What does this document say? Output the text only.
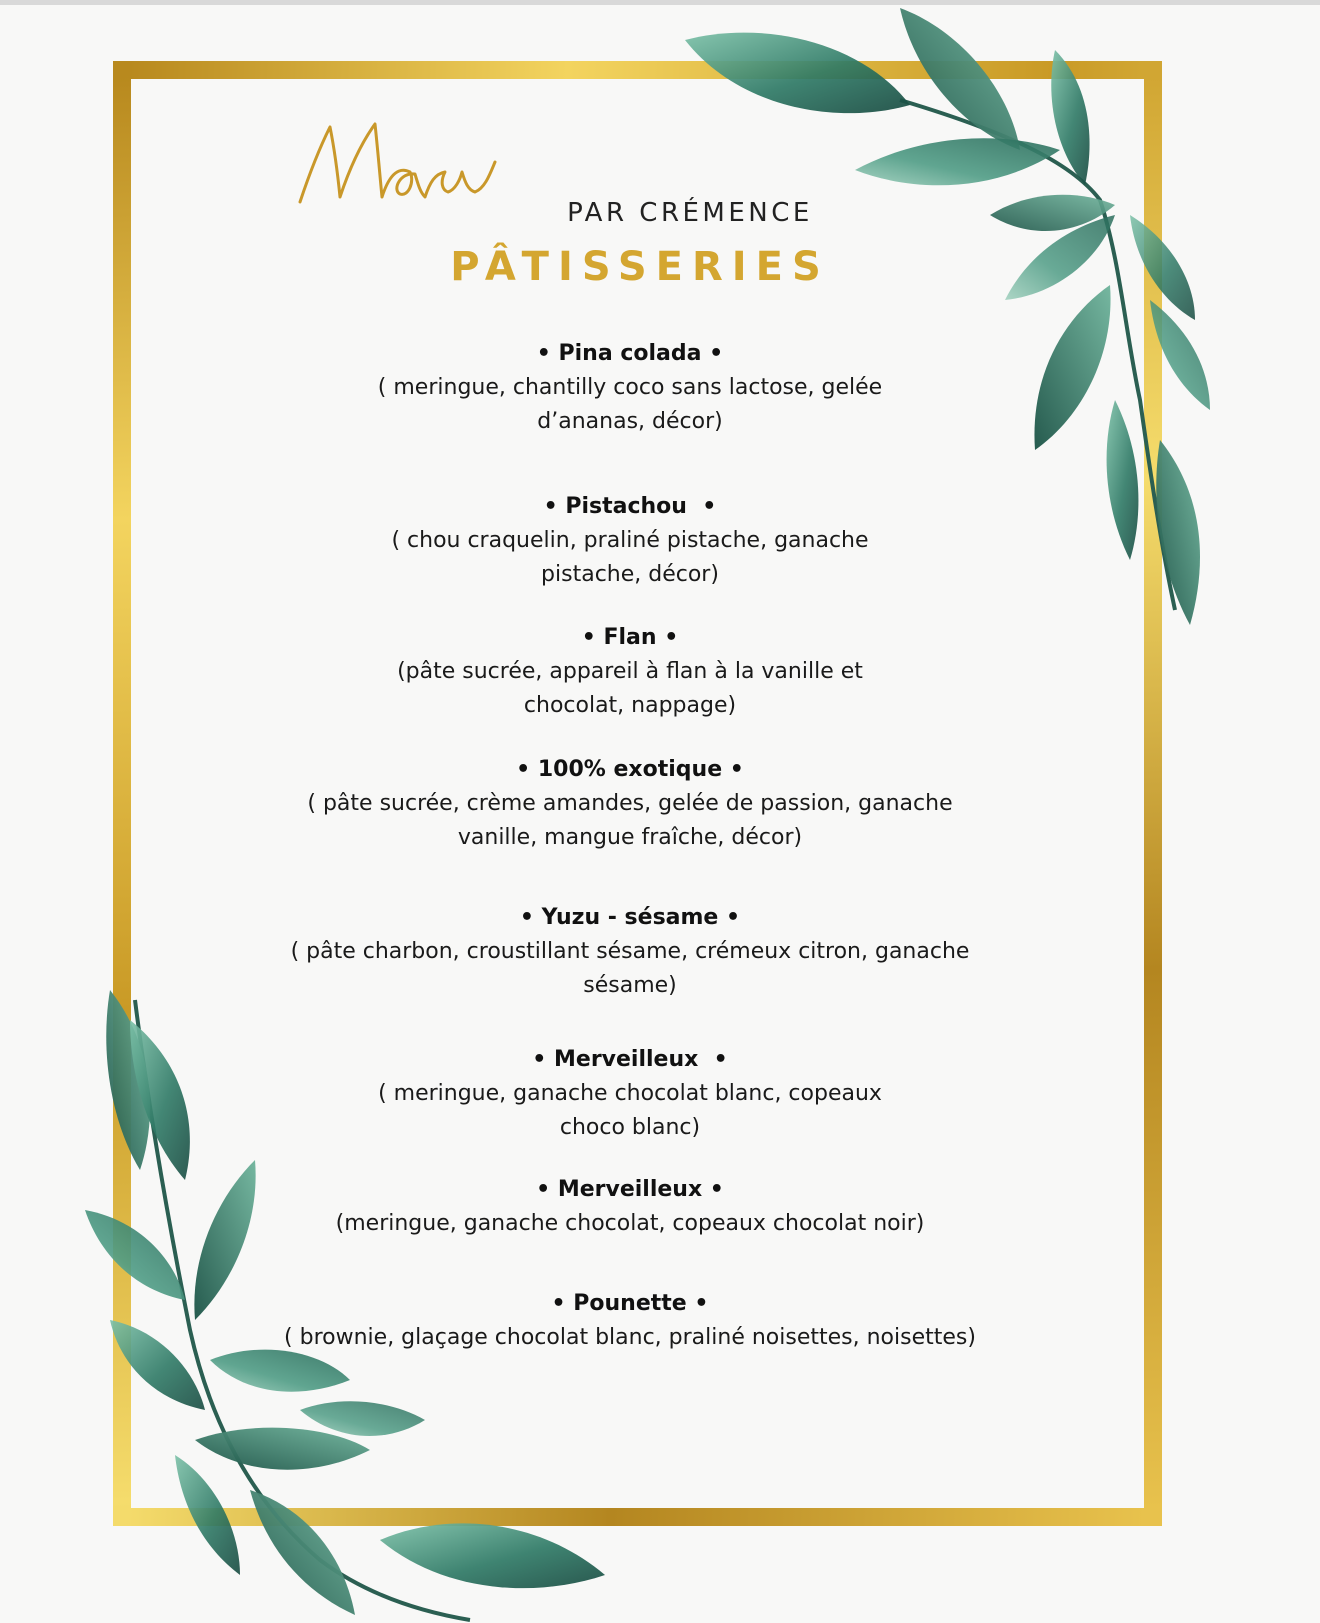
PAR CRÉMENCE
PÂTISSERIES
• Pina colada •
( meringue, chantilly coco sans lactose, gelée d’ananas, décor)
• Pistachou  •
( chou craquelin, praliné pistache, ganache pistache, décor)
• Flan •
(pâte sucrée, appareil à flan à la vanille et chocolat, nappage)
• 100% exotique •
( pâte sucrée, crème amandes, gelée de passion, ganache vanille, mangue fraîche, décor)
• Yuzu - sésame •
( pâte charbon, croustillant sésame, crémeux citron, ganache sésame)
• Merveilleux  •
( meringue, ganache chocolat blanc, copeaux choco blanc)
• Merveilleux •
(meringue, ganache chocolat, copeaux chocolat noir)
• Pounette •
( brownie, glaçage chocolat blanc, praliné noisettes, noisettes)
